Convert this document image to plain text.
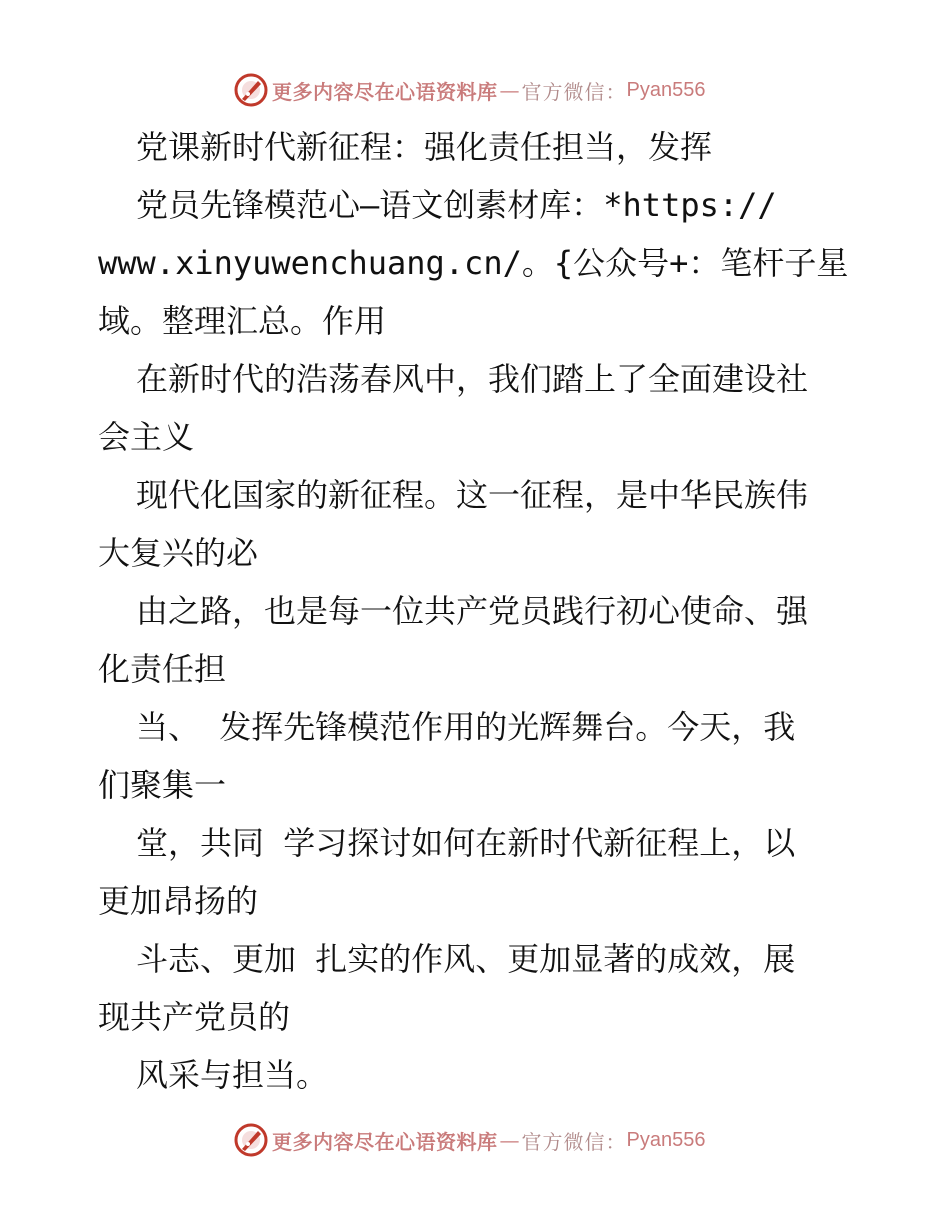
更多内容尽在心语资料库 — 官方微信： Pyan556
党课新时代新征程：强化责任担当，发挥
党员先锋模范心—语文创素材库：*https://
www.xinyuwenchuang.cn/。{公众号+：笔杆子星
域。整理汇总。作用
在新时代的浩荡春风中，我们踏上了全面建设社
会主义
现代化国家的新征程。这一征程，是中华民族伟
大复兴的必
由之路，也是每一位共产党员践行初心使命、强
化责任担
当、 发挥先锋模范作用的光辉舞台。今天，我
们聚集一
堂，共同 学习探讨如何在新时代新征程上，以
更加昂扬的
斗志、更加 扎实的作风、更加显著的成效，展
现共产党员的
风采与担当。
更多内容尽在心语资料库 — 官方微信： Pyan556
